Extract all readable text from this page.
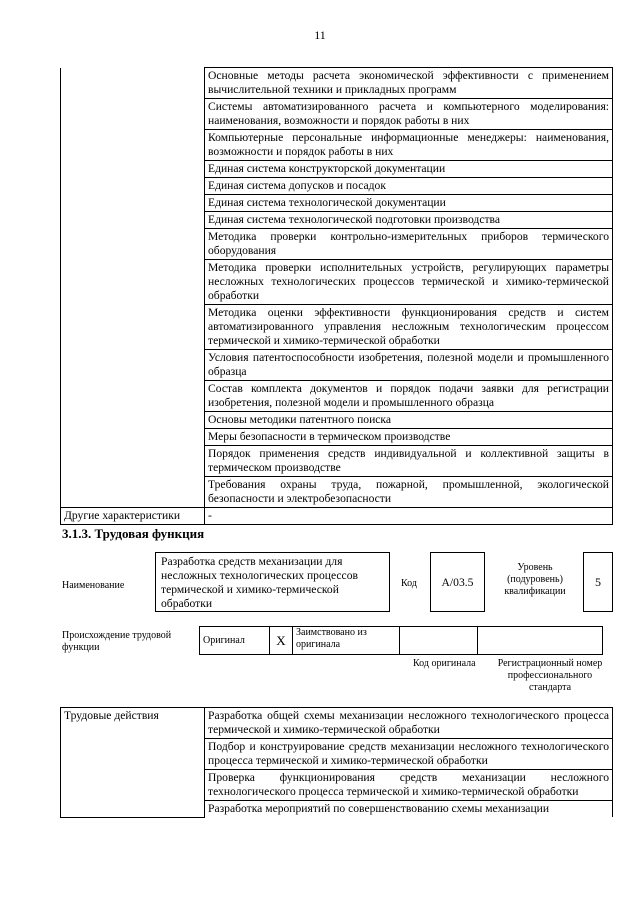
11
	Основные методы расчета экономической эффективности с применением вычислительной техники и прикладных программ
	Системы автоматизированного расчета и компьютерного моделирования: наименования, возможности и порядок работы в них
	Компьютерные персональные информационные менеджеры: наименования, возможности и порядок работы в них
	Единая система конструкторской документации
	Единая система допусков и посадок
	Единая система технологической документации
	Единая система технологической подготовки производства
	Методика проверки контрольно-измерительных приборов термического оборудования
	Методика проверки исполнительных устройств, регулирующих параметры несложных технологических процессов термической и химико-термической обработки
	Методика оценки эффективности функционирования средств и систем автоматизированного управления несложным технологическим процессом термической и химико-термической обработки
	Условия патентоспособности изобретения, полезной модели и промышленного образца
	Состав комплекта документов и порядок подачи заявки для регистрации изобретения, полезной модели и промышленного образца
	Основы методики патентного поиска
	Меры безопасности в термическом производстве
	Порядок применения средств индивидуальной и коллективной защиты в термическом производстве
	Требования охраны труда, пожарной, промышленной, экологической безопасности и электробезопасности
Другие характеристики	-
3.1.3. Трудовая функция
Наименование
Разработка средств механизации для несложных технологических процессов термической и химико-термической обработки
Код	A/03.5
Уровень (подуровень) квалификации
5
Происхождение трудовой функции
Оригинал	X	Заимствовано из оригинала		
Код оригинала	Регистрационный номер профессионального стандарта
Трудовые действия	Разработка общей схемы механизации несложного технологического процесса термической и химико-термической обработки
Подбор и конструирование средств механизации несложного технологического процесса термической и химико-термической обработки
Проверка функционирования средств механизации несложного технологического процесса термической и химико-термической обработки
Разработка мероприятий по совершенствованию схемы механизации
